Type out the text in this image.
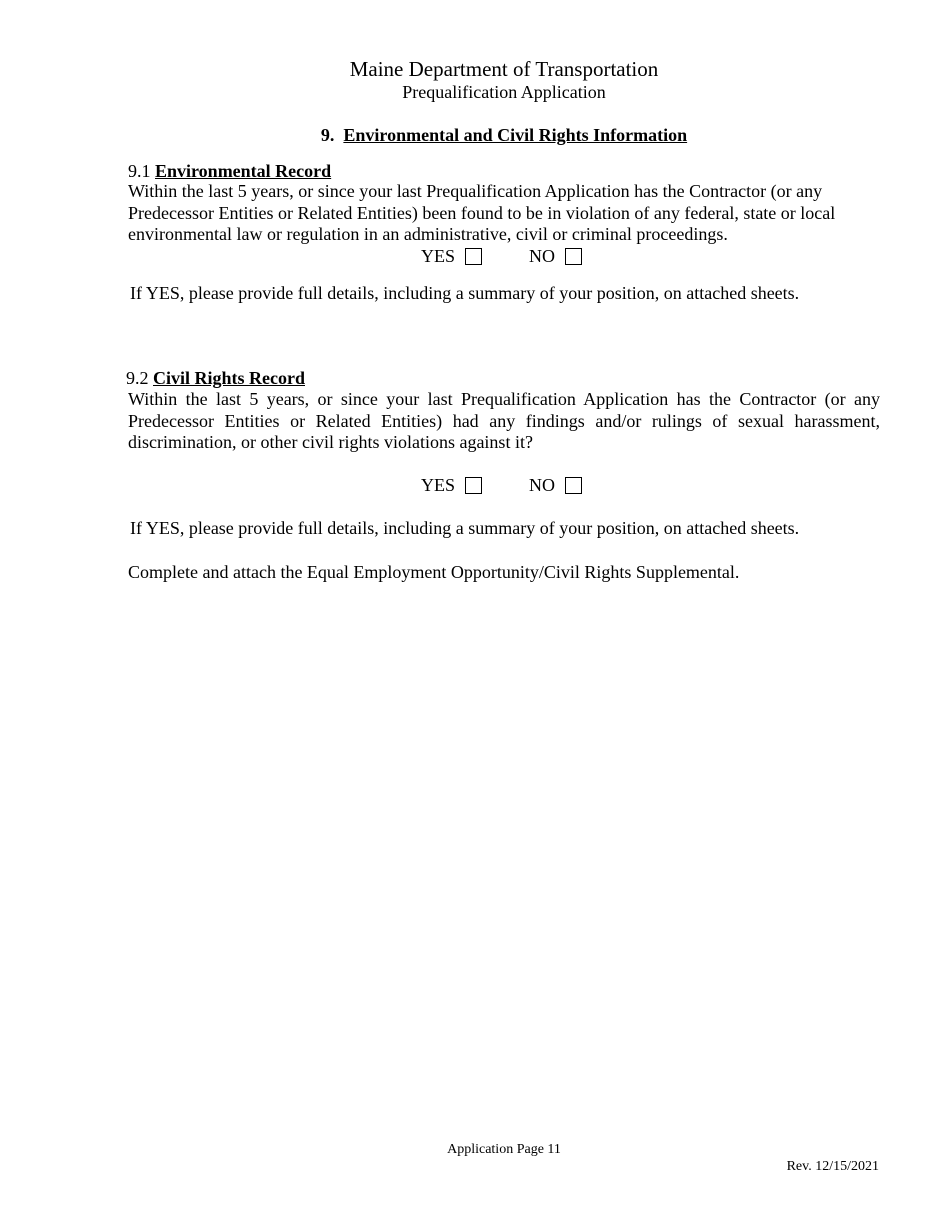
Maine Department of Transportation
Prequalification Application
9. Environmental and Civil Rights Information
9.1 Environmental Record
Within the last 5 years, or since your last Prequalification Application has the Contractor (or any Predecessor Entities or Related Entities) been found to be in violation of any federal, state or local environmental law or regulation in an administrative, civil or criminal proceedings.
YES	NO
If YES, please provide full details, including a summary of your position, on attached sheets.
9.2 Civil Rights Record
Within the last 5 years, or since your last Prequalification Application has the Contractor (or any Predecessor Entities or Related Entities) had any findings and/or rulings of sexual harassment, discrimination, or other civil rights violations against it?
YES	NO
If YES, please provide full details, including a summary of your position, on attached sheets.
Complete and attach the Equal Employment Opportunity/Civil Rights Supplemental.
Application Page 11
Rev. 12/15/2021
